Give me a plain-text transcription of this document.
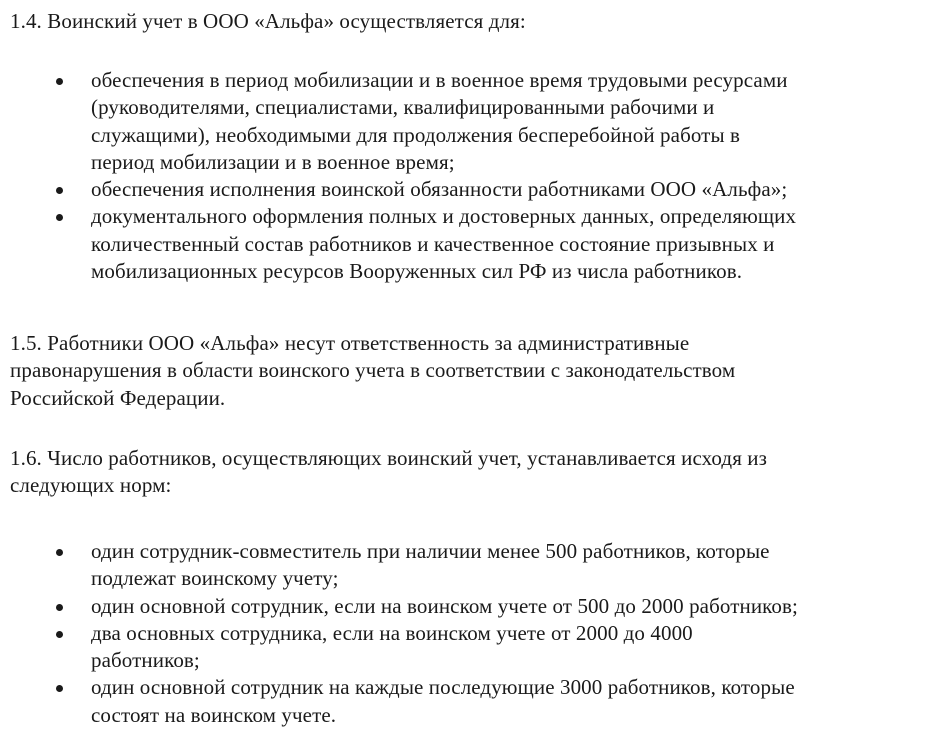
1.4. Воинский учет в ООО «Альфа» осуществляется для:

обеспечения в период мобилизации и в военное время трудовыми ресурсами
(руководителями, специалистами, квалифицированными рабочими и
служащими), необходимыми для продолжения бесперебойной работы в
период мобилизации и в военное время;
обеспечения исполнения воинской обязанности работниками ООО «Альфа»;
документального оформления полных и достоверных данных, определяющих
количественный состав работников и качественное состояние призывных и
мобилизационных ресурсов Вооруженных сил РФ из числа работников.

1.5. Работники ООО «Альфа» несут ответственность за административные
правонарушения в области воинского учета в соответствии с законодательством
Российской Федерации.

1.6. Число работников, осуществляющих воинский учет, устанавливается исходя из
следующих норм:

один сотрудник-совместитель при наличии менее 500 работников, которые
подлежат воинскому учету;
один основной сотрудник, если на воинском учете от 500 до 2000 работников;
два основных сотрудника, если на воинском учете от 2000 до 4000
работников;
один основной сотрудник на каждые последующие 3000 работников, которые
состоят на воинском учете.
